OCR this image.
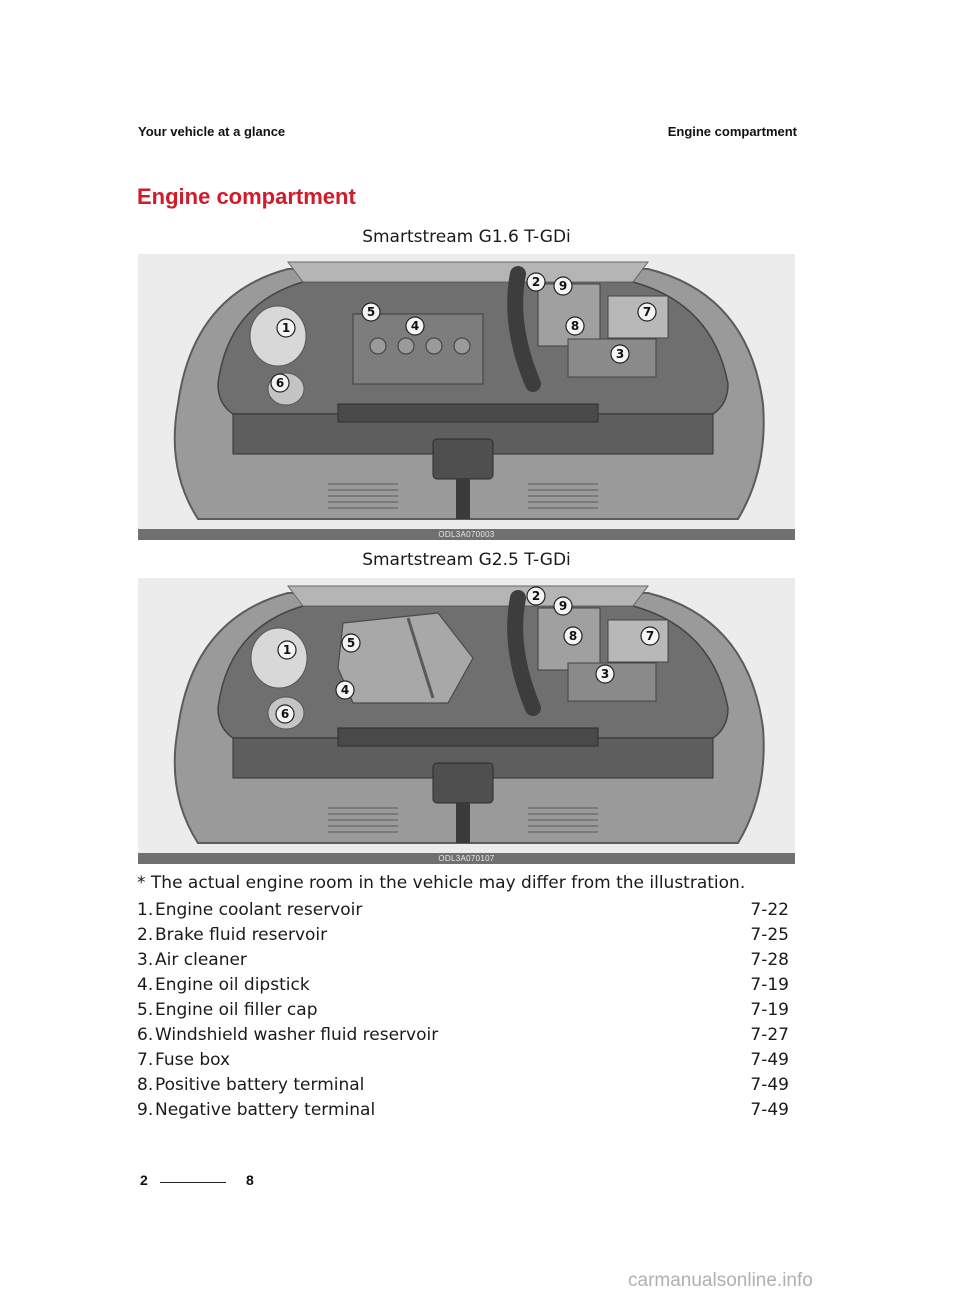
Your vehicle at a glance	Engine compartment
Engine compartment
Smartstream G1.6 T-GDi
1
2
3
4
5
6
7
8
9
ODL3A070003
Smartstream G2.5 T-GDi
1
2
3
4
5
6
7
8
9
ODL3A070107
* The actual engine room in the vehicle may differ from the illustration.
1. Engine coolant reservoir	7-22
2. Brake fluid reservoir	7-25
3. Air cleaner	7-28
4. Engine oil dipstick	7-19
5. Engine oil filler cap	7-19
6. Windshield washer fluid reservoir	7-27
7. Fuse box	7-49
8. Positive battery terminal	7-49
9. Negative battery terminal	7-49
2	8
carmanualsonline.info
